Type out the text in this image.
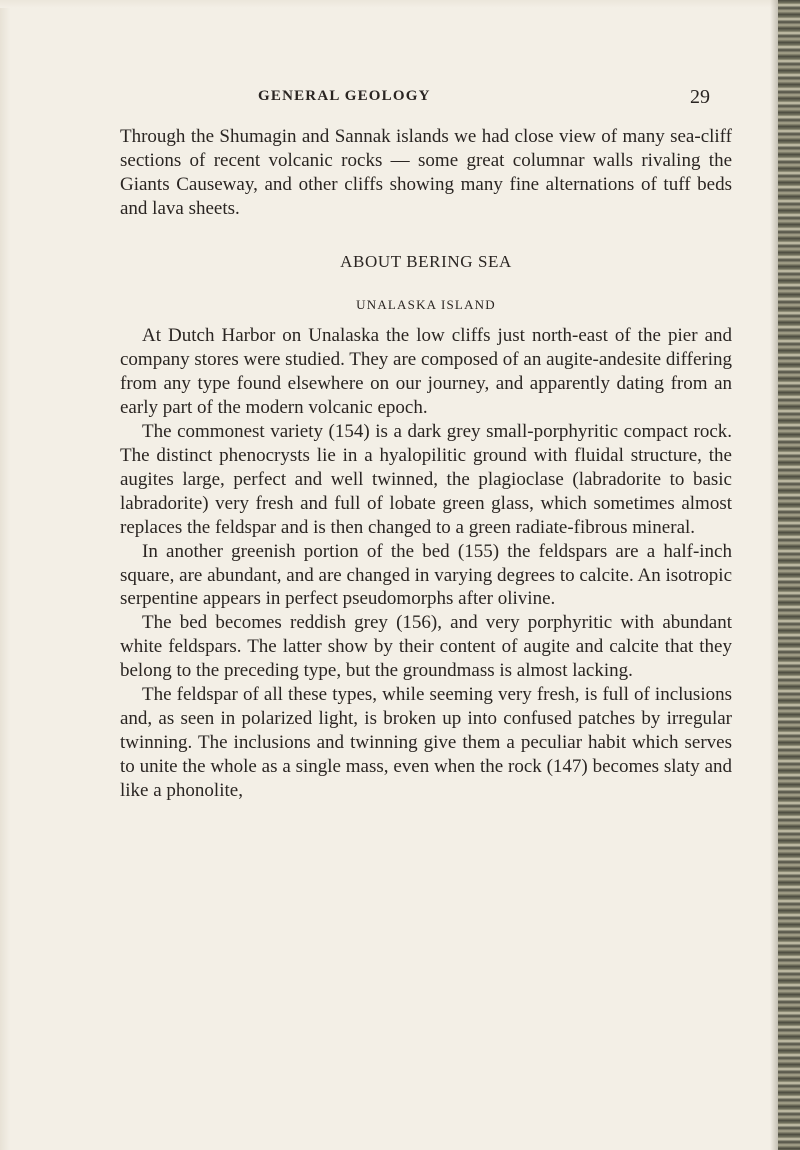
GENERAL GEOLOGY	29

Through the Shumagin and Sannak islands we had close view of many sea-cliff sections of recent volcanic rocks — some great columnar walls rivaling the Giants Causeway, and other cliffs showing many fine alternations of tuff beds and lava sheets.

ABOUT BERING SEA
UNALASKA ISLAND

At Dutch Harbor on Unalaska the low cliffs just north-east of the pier and company stores were studied. They are composed of an augite-andesite differing from any type found elsewhere on our journey, and apparently dating from an early part of the modern volcanic epoch.

The commonest variety (154) is a dark grey small-porphyritic compact rock. The distinct phenocrysts lie in a hyalopilitic ground with fluidal structure, the augites large, perfect and well twinned, the plagioclase (labradorite to basic labradorite) very fresh and full of lobate green glass, which sometimes almost replaces the feldspar and is then changed to a green radiate-fibrous mineral.

In another greenish portion of the bed (155) the feldspars are a half-inch square, are abundant, and are changed in varying degrees to calcite. An isotropic serpentine appears in perfect pseudomorphs after olivine.

The bed becomes reddish grey (156), and very porphyritic with abundant white feldspars. The latter show by their content of augite and calcite that they belong to the preceding type, but the groundmass is almost lacking.

The feldspar of all these types, while seeming very fresh, is full of inclusions and, as seen in polarized light, is broken up into confused patches by irregular twinning. The inclusions and twinning give them a peculiar habit which serves to unite the whole as a single mass, even when the rock (147) becomes slaty and like a phonolite,
